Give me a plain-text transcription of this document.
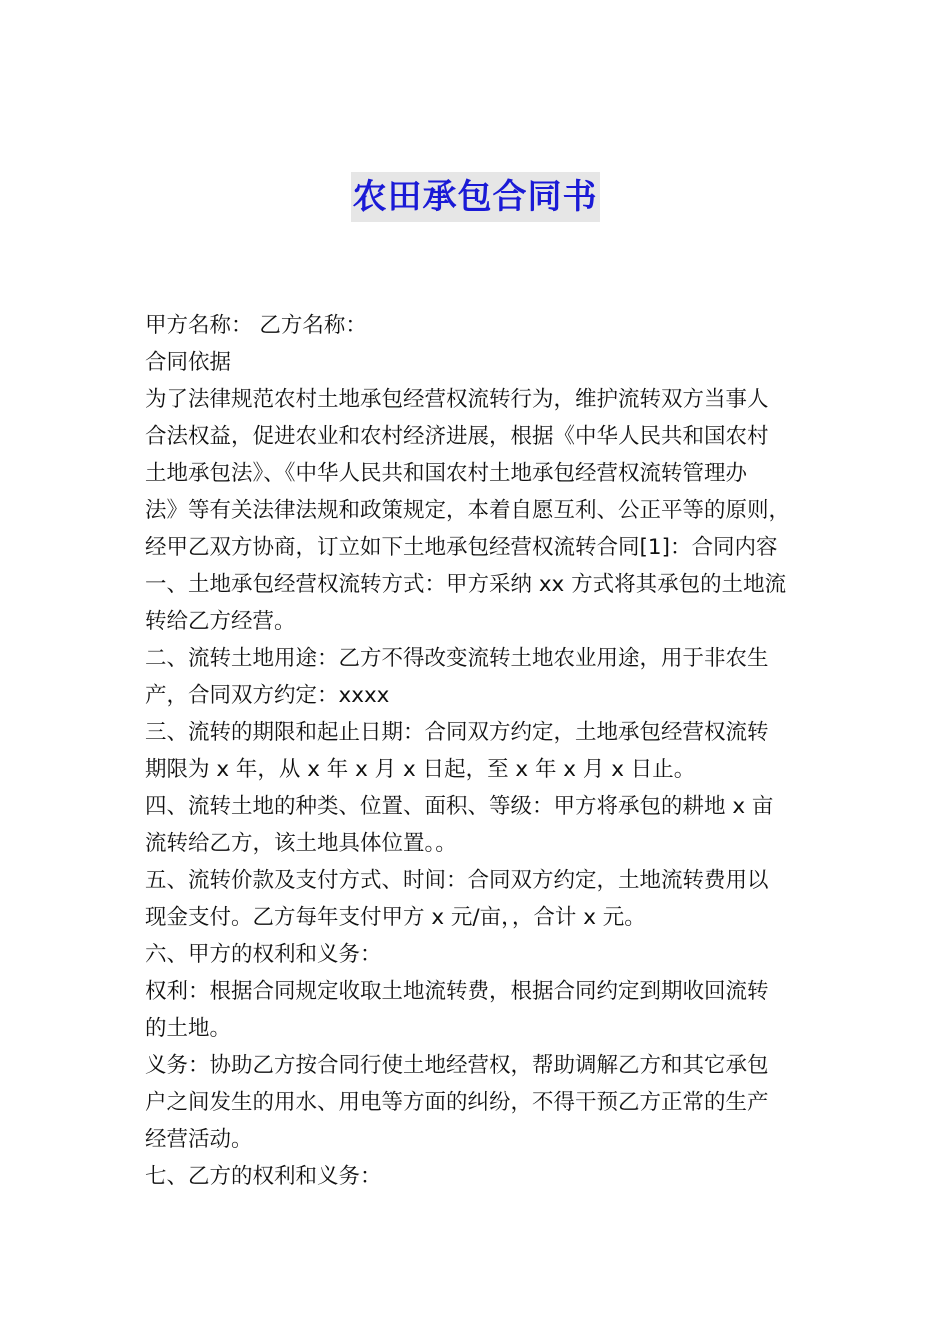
农田承包合同书
甲方名称： 乙方名称：
合同依据
为了法律规范农村土地承包经营权流转行为，维护流转双方当事人
合法权益，促进农业和农村经济进展，根据《中华人民共和国农村
土地承包法》、《中华人民共和国农村土地承包经营权流转管理办
法》等有关法律法规和政策规定，本着自愿互利、公正平等的原则，
经甲乙双方协商，订立如下土地承包经营权流转合同[1]：合同内容
一、土地承包经营权流转方式：甲方采纳 xx 方式将其承包的土地流
转给乙方经营。
二、流转土地用途：乙方不得改变流转土地农业用途，用于非农生
产，合同双方约定：xxxx
三、流转的期限和起止日期：合同双方约定，土地承包经营权流转
期限为 x 年，从 x 年 x 月 x 日起，至 x 年 x 月 x 日止。
四、流转土地的种类、位置、面积、等级：甲方将承包的耕地 x 亩
流转给乙方，该土地具体位置。。
五、流转价款及支付方式、时间：合同双方约定，土地流转费用以
现金支付。乙方每年支付甲方 x 元/亩，，合计 x 元。
六、甲方的权利和义务：
权利：根据合同规定收取土地流转费，根据合同约定到期收回流转
的土地。
义务：协助乙方按合同行使土地经营权，帮助调解乙方和其它承包
户之间发生的用水、用电等方面的纠纷，不得干预乙方正常的生产
经营活动。
七、乙方的权利和义务：
